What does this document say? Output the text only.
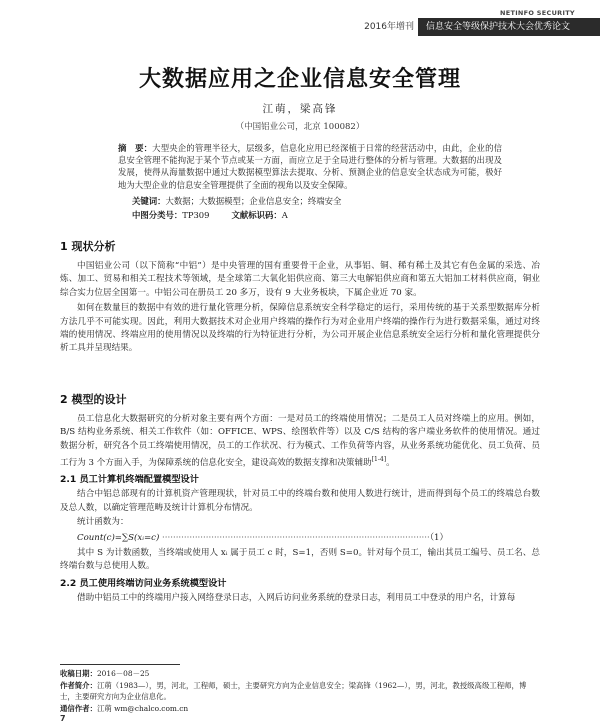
2016年增刊 信息安全等级保护技术大会优秀论文
NETINFO SECURITY
大数据应用之企业信息安全管理
江萌，梁高锋
（中国铝业公司，北京 100082）
摘　要：大型央企的管理半径大，层级多，信息化应用已经深植于日常的经营活动中，由此，企业的信息安全管理不能拘泥于某个节点或某一方面，而应立足于全局进行整体的分析与管理。大数据的出现及发展，使得从海量数据中通过大数据模型算法去提取、分析、预测企业的信息安全状态成为可能，极好地为大型企业的信息安全管理提供了全面的视角以及安全保障。
关键词：大数据；大数据模型；企业信息安全；终端安全
中图分类号：TP309	文献标识码：A
1 现状分析
中国铝业公司（以下简称“中铝”）是中央管理的国有重要骨干企业，从事铝、铜、稀有稀土及其它有色金属的采选、冶炼、加工、贸易和相关工程技术等领域，是全球第二大氧化铝供应商、第三大电解铝供应商和第五大铝加工材料供应商，铜业综合实力位居全国第一。中铝公司在册员工 20 多万，设有 9 大业务板块，下属企业近 70 家。
如何在数量巨的数据中有效的进行量化管理分析，保障信息系统安全科学稳定的运行，采用传统的基于关系型数据库分析方法几乎不可能实现。因此，利用大数据技术对企业用户终端的操作行为对企业用户终端的操作行为进行数据采集，通过对终端的使用情况、终端应用的使用情况以及终端的行为特征进行分析，为公司开展企业信息系统安全运行分析和量化管理提供分析工具并呈现结果。
2 模型的设计
员工信息化大数据研究的分析对象主要有两个方面：一是对员工的终端使用情况；二是员工人员对终端上的应用。例如，B/S 结构业务系统、相关工作软件（如：OFFICE、WPS、绘图软件等）以及 C/S 结构的客户端业务软件的使用情况。通过数据分析，研究各个员工终端使用情况，员工的工作状况、行为模式、工作负荷等内容，从业务系统功能优化、员工负荷、员工行为 3 个方面入手，为保障系统的信息化安全，建设高效的数据支撑和决策辅助[1-4]。
2.1 员工计算机终端配置模型设计
结合中铝总部现有的计算机资产管理现状，针对员工中的终端台数和使用人数进行统计，进而得到每个员工的终端总台数及总人数，以确定管理范畴及统计计算机分布情况。
统计函数为：
Count(c)=∑S(xᵢ=c) ··································································································（1）
其中 S 为计数函数，当终端或使用人 xᵢ 属于员工 c 时，S=1，否则 S=0。针对每个员工，输出其员工编号、员工名、总终端台数与总使用人数。
2.2 员工使用终端访问业务系统模型设计
借助中铝员工中的终端用户接入网络登录日志，入网后访问业务系统的登录日志，利用员工中登录的用户名，计算每
收稿日期：2016－08－25
作者简介：江萌（1983—），男，河北，工程师，硕士，主要研究方向为企业信息安全；梁高锋（1962—），男，河北，教授级高级工程师，博士，主要研究方向为企业信息化。
通信作者：江萌 wm@chalco.com.cn
7
